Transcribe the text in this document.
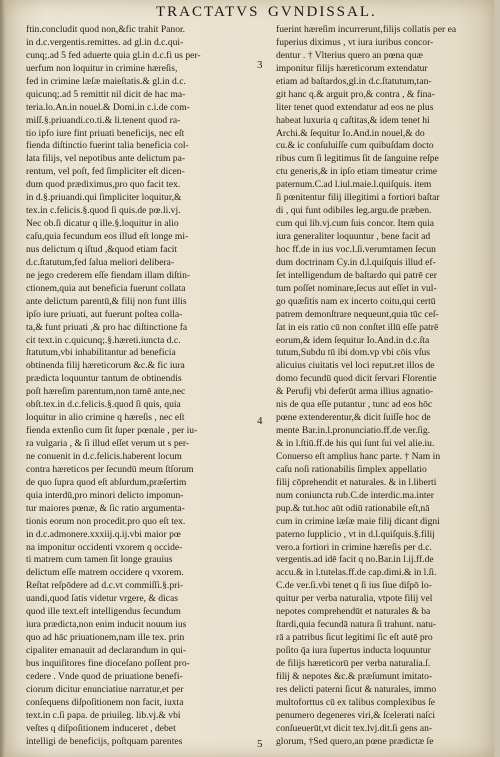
TRACTATVS GVNDISSAL.
ftin.concludit quod non,&fic trahit Panor.
in d.c.vergentis.remittes. ad gl.in d.c.qui-
cunq;.ad 5 fed aduerte quia gl.in d.c.fi us per-
uerfum non loquitur in crimine hæreſis,
fed in crimine læſæ maieſtatis.& gl.in d.c.
quicunq;.ad 5 remittit nil dicit de hac ma-
teria.lo.An.in nouel.& Domi.in c.i.de com-
miſſ.§.priuandi.co.ti.& li.tenent quod ra-
tio ipfo iure fint priuati beneficijs, nec eſt
fienda diſtinctio fuerint talia beneficia col-
lata filijs, vel nepotibus ante delictum pa-
rentum, vel poſt, fed ſimpliciter eſt dicen-
dum quod prædiximus,pro quo facit tex.
in d.§.priuandi.qui ſimpliciter loquitur,&
tex.in c.felicis.§.quod ſi quis.de pœ.li.vj.
Nec ob.ſi dicatur q ille.§.loquitur in alio
caſu,quia fecundum eos illud eſt longe mi-
nus delictum q iſtud ,&quod etiam facit
d.c.ſtatutum,fed ſalua meliori delibera-
ne jego crederem eſſe fiendam illam diſtin-
ctionem,quia aut beneficia fuerunt collata
ante delictum parentū,& filij non funt illis
ipſo iure priuati, aut fuerunt poſtea colla-
ta,& funt priuati ,& pro hac diſtinctione fa
cit text.in c.quicunq;.§.hæreti.iuncta d.c.
ſtatutum,vbi inhabilitantur ad beneficia
obtinenda filij hæreticorum &c.& fic iura
prædicta loquuntur tantum de obtinendis
poſt hæreſim parentum,non tamē ante,nec
obſt.tex.in d.c.felicis.§.quod ſi quis, quia
loquitur in alio crimine q hæreſis , nec eſt
fienda extenſio cum ſit ſuper pœnale , per iu-
ra vulgaria , & ſi illud eſſet verum ut s per-
ne conuenit in d.c.felicis.haberent locum
contra hæreticos per ſecundū meum ſtſorum
de quo ſupra quod eſt abſurdum,præſertim
quia interdū,pro minori delicto imponun-
tur maiores pœnæ, & ſic ratio argumenta-
tionis eorum non procedit.pro quo eſt tex.
in d.c.admonere.xxxiij.q.ij.vbi maior pœ
na imponitur occidenti vxorem q occide-
ti matrem cum tamen ſit longe grauius
delictum eſſe matrem occidere q vxorem.
Reſtat reſpōdere ad d.c.vt commiſſi.§.pri-
uandi,quod ſatis videtur vrgere, & dicas
quod ille text.eſt intelligendus ſecundum
iura prædicta,non enim inducit nouum ius
quo ad hāc priuationem,nam ille tex. prin
cipaliter emanauit ad declarandum in qui-
bus inquiſitores fine dioceſano poſſent pro-
cedere . Vnde quod de priuatione benefi-
ciorum dicitur enunciatiue narratur,et per
conſequens diſpoſitionem non facit, iuxta
text.in c.ſi papa. de priuileg. lib.vj.& vbi
veſtes q diſpoſitionem induceret , debet
intelligi de beneficijs, poſtquam parentes
fuerint hæreſim incurrerunt,filijs collatis per ea
fuperius diximus , vt iura iuribus concor-
dentur . † Vlterius quero an pœna quæ
imponitur filijs hæreticorum extendatur
etiam ad baſtardos,gl.in d.c.ſtatutum,tan-
git hanc q.& arguit pro,& contra , & fina-
liter tenet quod extendatur ad eos ne plus
habeat luxuria q caſtitas,& idem tenet hi
Archi.& ſequitur Io.And.in nouel,& do
cu.& ic conſuluiſſe cum quibuſdam docto
ribus cum ſi legitimus ſit de ſanguine reſpe
ctu generis,& in ipſo etiam timeatur crime
paternum.C.ad l.iul.maie.l.quiſquis. item
ſi pœnitentur filij illegitimi a fortiori baſtar
di , qui funt odibiles leg.argu.de præben.
cum qui lib.vj.cum ſuis concor. Item quia
iura generaliter loquuntur , bene facit ad
hoc ff.de in ius voc.l.ſi.verumtamen ſecun
dum doctrinam Cy.in d.l.quiſquis illud ef-
ſet intelligendum de baſtardo qui patrē cer
tum poſſet nominare,ſecus aut eſſet in vul-
go quæſitis nam ex incerto coitu,qui certū
patrem demonſtrare nequeunt,quia tūc ceſ-
ſat in eis ratio cū non conſtet illū eſſe patrē
eorum,& idem ſequitur Io.And.in d.c.ſta
tutum,Subdu tū ibi dom.vp vbi cōis vſus
alicuius ciuitatis vel loci reput.ret illos de
domo fecundū quod dicit ſervari Florentie
& Perufij vbi deferūt arma illius agnatio-
nis de qua eſſe putantur , tunc ad eos hōc
pœne extenderentur,& dicit ſuiſſe hoc de
mente Bar.in.l.pronunciatio.ff.de ver.ſig.
& in l.ſtiū.ff.de his qui ſunt ſui vel alie.iu.
Conuerso eſt amplius hanc parte. † Nam in
caſu noſi rationabilis ſimplex appellatio
filij cōprehendit et naturales. & in l.liberti
num coniuncta rub.C.de interdic.ma.inter
pup.& tut.hoc aūt odiū rationabile eſt,nā
cum in crimine læſæ maie filij dicant digni
paterno ſupplicio , vt in d.l.quiſquis.§.filij
vero.a fortiori in crimine hæreſis per d.c.
vergentis.ad idē facit q no.Bar.in l.ij.ff.de
accu.& in l.tutelas.ff.de cap.dimi.& in l.ſi.
C.de ver.ſi.vbi tenet q ſi ius ſiue diſpō lo-
quitur per verba naturalia, vtpote filij vel
nepotes comprehendūt et naturales & ba
ſtardi,quia fecundā natura ſi trahunt. natu-
rā a patribus ſicut legitimi ſic eſt autē pro
poſito q̄a iura ſupertus inducta loquuntur
de filijs hæreticorū per verba naturalia.ſ.
filij & nepotes &c.& præſumunt imitato-
res delicti paterni ſicut & naturales, immo
multoforttus cū ex talibus complexibus ſe
penumero degeneres viri,& ſcelerati naſci
conſueuerūt,vt dicit tex.lvj.dit.ſi gens an-
glorum, †Sed quero,an pœne prædictæ ſe
3
4
5
